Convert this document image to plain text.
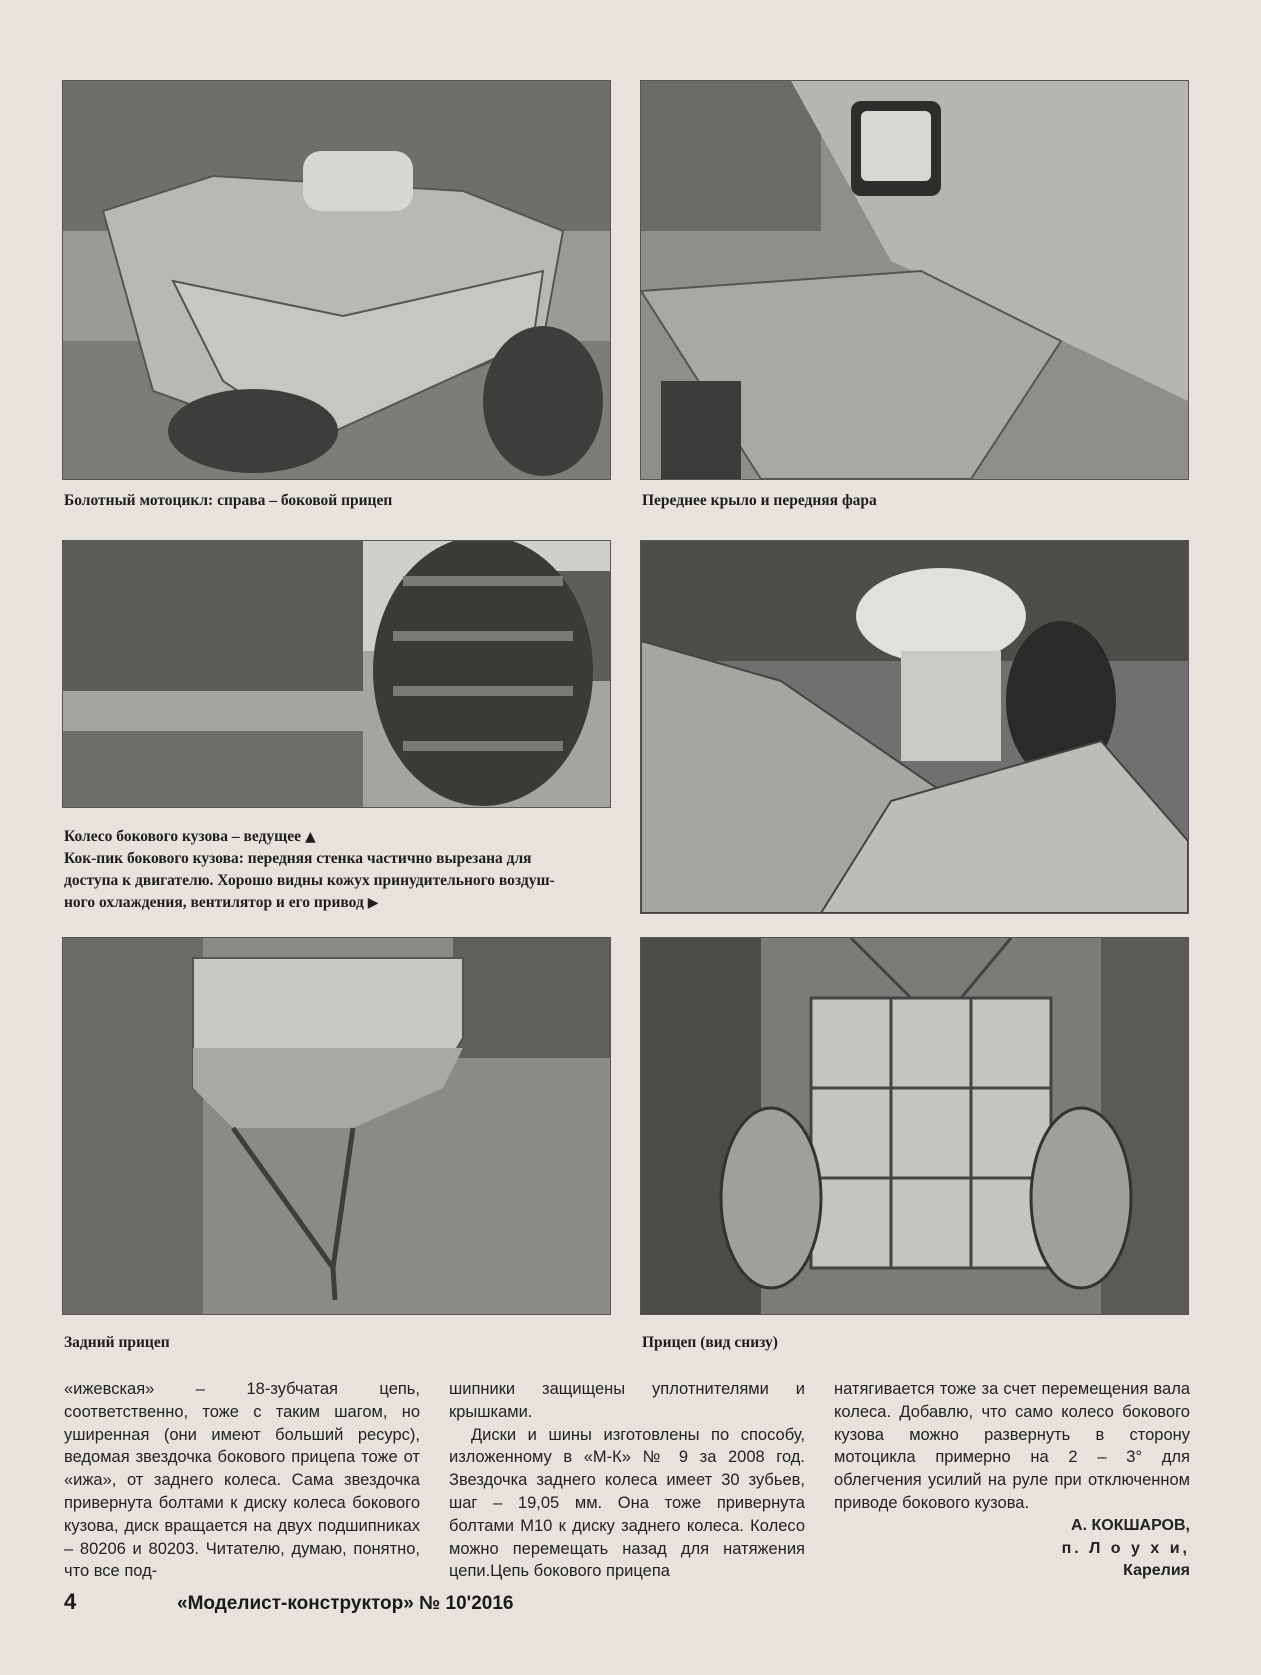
Болотный мотоцикл: справа – боковой прицеп	Переднее крыло и передняя фара
Колесо бокового кузова – ведущее ▲
Кок-пик бокового кузова: передняя стенка частично вырезана для
доступа к двигателю. Хорошо видны кожух принудительного воздуш-
ного охлаждения, вентилятор и его привод ▶
Задний прицеп	Прицеп (вид снизу)

«ижевская» – 18-зубчатая цепь, соответственно, тоже с таким шагом, но уширенная (они имеют больший ресурс), ведомая звездочка бокового прицепа тоже от «ижа», от заднего колеса. Сама звездочка привернута болтами к диску колеса бокового кузова, диск вращается на двух подшипниках – 80206 и 80203. Читателю, думаю, понятно, что все под-

шипники защищены уплотнителями и крышками.

Диски и шины изготовлены по способу, изложенному в «М-К» № 9 за 2008 год. Звездочка заднего колеса имеет 30 зубьев, шаг – 19,05 мм. Она тоже привернута болтами М10 к диску заднего колеса. Колесо можно перемещать назад для натяжения цепи.Цепь бокового прицепа

натягивается тоже за счет перемещения вала колеса. Добавлю, что само колесо бокового кузова можно развернуть в сторону мотоцикла примерно на 2 – 3° для облегчения усилий на руле при отключенном приводе бокового кузова.

А. КОКШАРОВ,
п. Л о у х и,
Карелия
4	«Моделист-конструктор» № 10'2016
